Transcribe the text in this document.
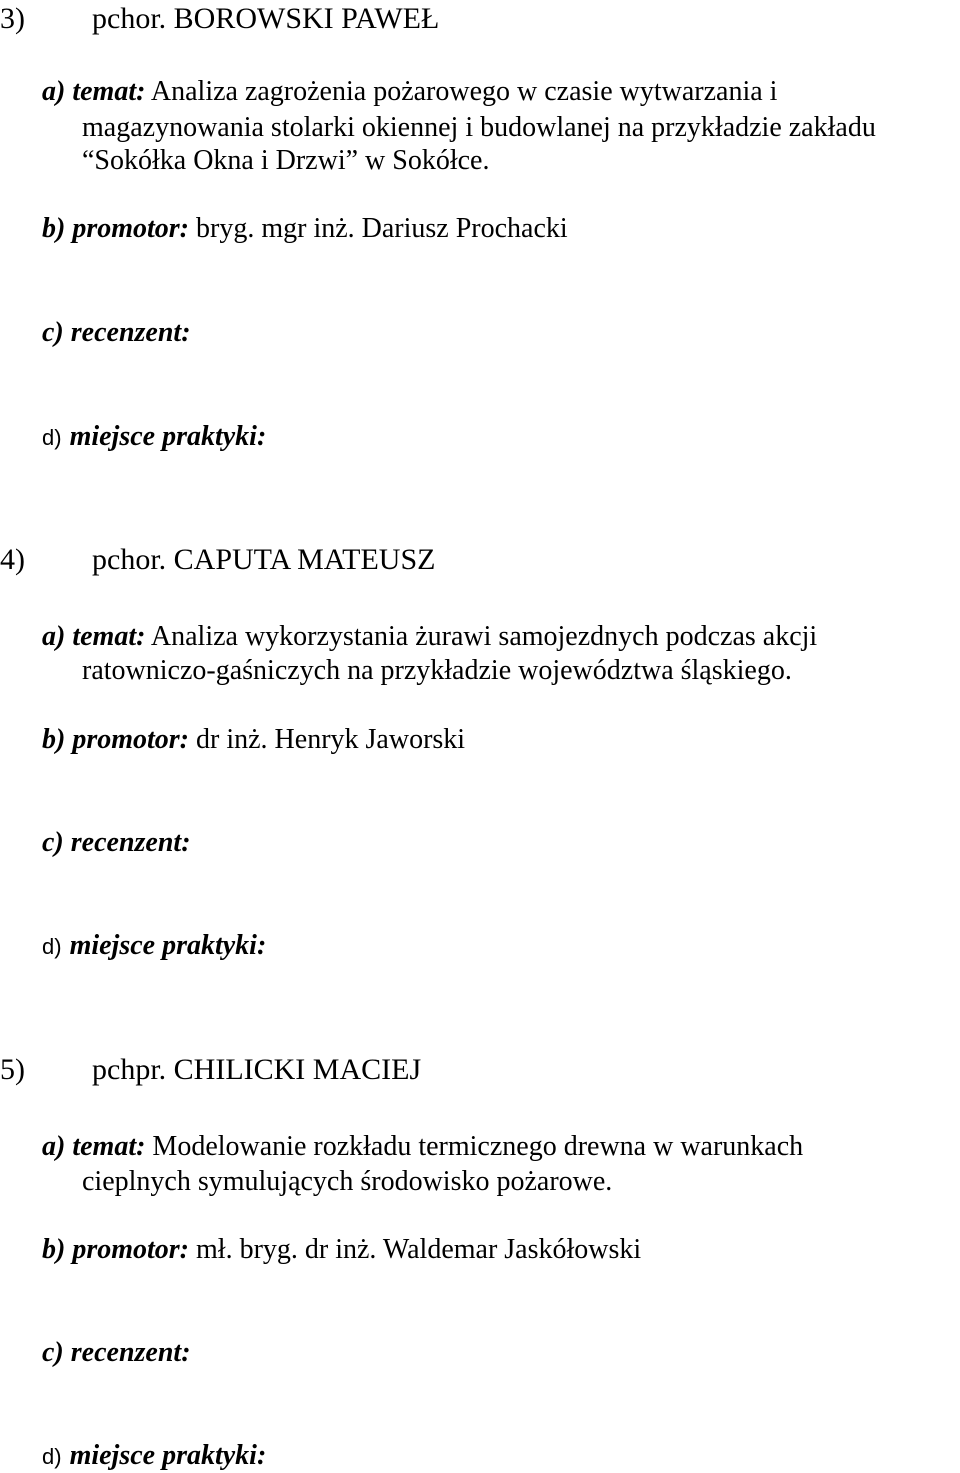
3) pchor. BOROWSKI PAWEŁ
a) temat: Analiza zagrożenia pożarowego w czasie wytwarzania i
magazynowania stolarki okiennej i budowlanej na przykładzie zakładu
“Sokółka Okna i Drzwi” w Sokółce.
b) promotor: bryg. mgr inż. Dariusz Prochacki
c) recenzent:
d) miejsce praktyki:
4) pchor. CAPUTA MATEUSZ
a) temat: Analiza wykorzystania żurawi samojezdnych podczas akcji
ratowniczo-gaśniczych na przykładzie województwa śląskiego.
b) promotor: dr inż. Henryk Jaworski
c) recenzent:
d) miejsce praktyki:
5) pchpr. CHILICKI MACIEJ
a) temat: Modelowanie rozkładu termicznego drewna w warunkach
cieplnych symulujących środowisko pożarowe.
b) promotor: mł. bryg. dr inż. Waldemar Jaskółowski
c) recenzent:
d) miejsce praktyki:
